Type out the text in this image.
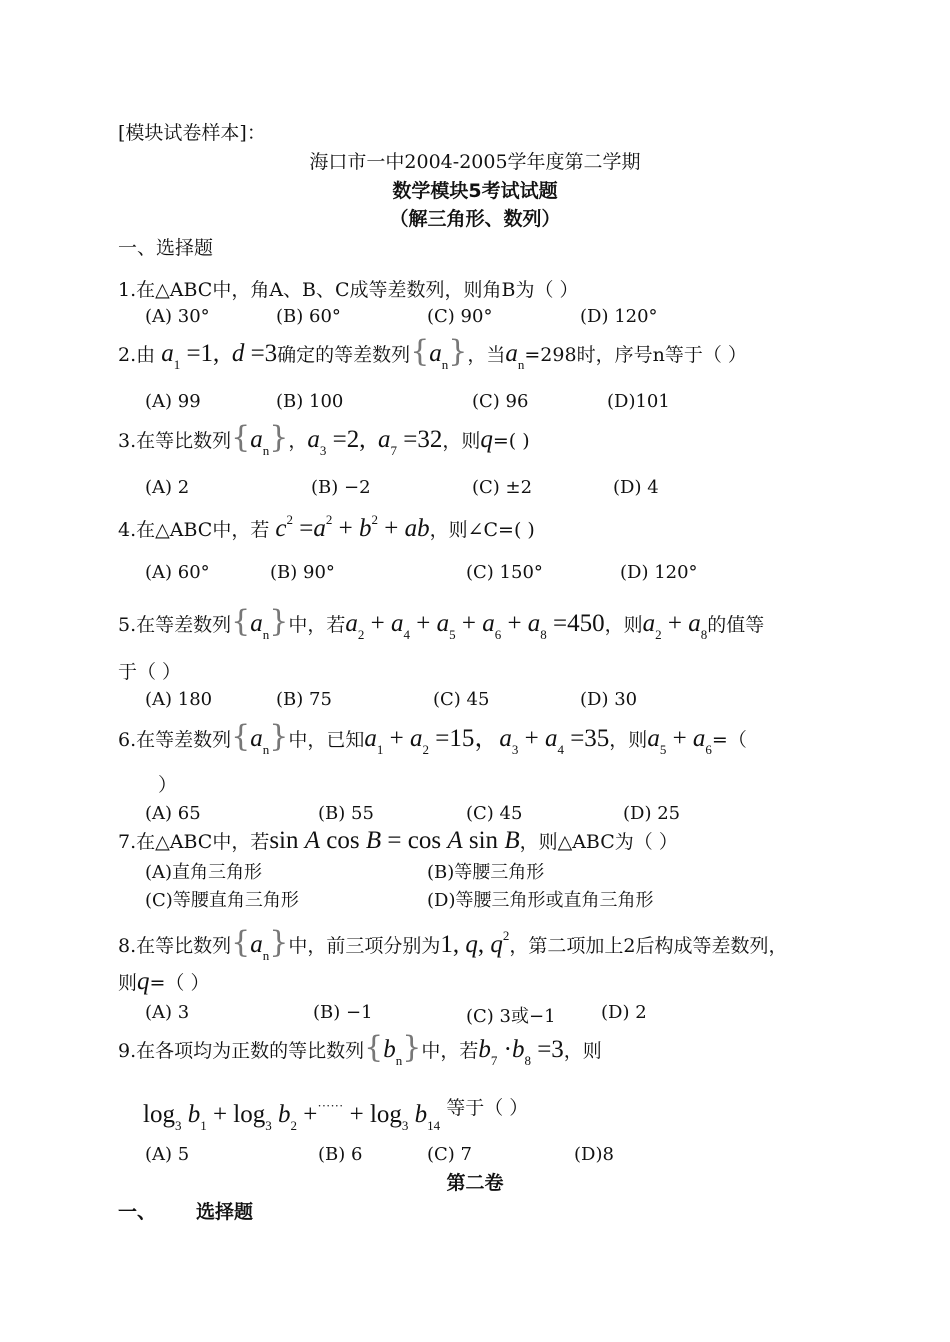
[模块试卷样本]：
海口市一中2004-2005学年度第二学期
数学模块5考试试题
（解三角形、数列）
一、选择题
1.在△ABC中，角A、B、C成等差数列，则角B为（ ）
(A) 30°	(B) 60°	(C) 90°	(D) 120°
2.由 $a_1 =1$,  d =3确定的等差数列$\{a_n\}$，当$a_n=298$时，序号n等于（ ）
(A) 99	(B) 100	(C) 96	(D)101
3.在等比数列$\{a_n\}$，$a_3 =2$,  $a_7 =32$，则q=( )
(A) 2	(B) −2	(C) ±2	(D) 4
4.在△ABC中，若 $c^2 =a^2 + b^2$ + ab，则∠C=( )
(A) 60°	(B) 90°	(C) 150°	(D) 120°
5.在等差数列$\{a_n\}$中，若$a_2 + a_4 + a_5 + a_6 + a_8 =450$，则$a_2 + a_8$的值等
于（ ）
(A) 180	(B) 75	(C) 45	(D) 30
6.在等差数列$\{a_n\}$中，已知$a_1 + a_2 =15$，$a_3 + a_4 =35$，则$a_5 + a_6=$（
）
(A) 65	(B) 55	(C) 45	(D) 25
7.在△ABC中，若sin A cos B = cos A sin B，则△ABC为（ ）
(A)直角三角形	(B)等腰三角形
(C)等腰直角三角形	(D)等腰三角形或直角三角形
8.在等比数列$\{a_n\}$中，前三项分别为1, q, $q^2$，第二项加上2后构成等差数列，
则q=（ ）
(A) 3	(B) −1	(C) 3或−1	(D) 2
9.在各项均为正数的等比数列$\{b_n\}$中，若$b_7 \cdot b_8 =3$，则
$\log_3 b_1 + \log_3 b_2 +^{\cdot\cdot\cdot\cdot\cdot\cdot} + \log_3 b_{14}$ 等于（ ）
(A) 5	(B) 6	(C) 7	(D)8
第二卷
一、 选择题
